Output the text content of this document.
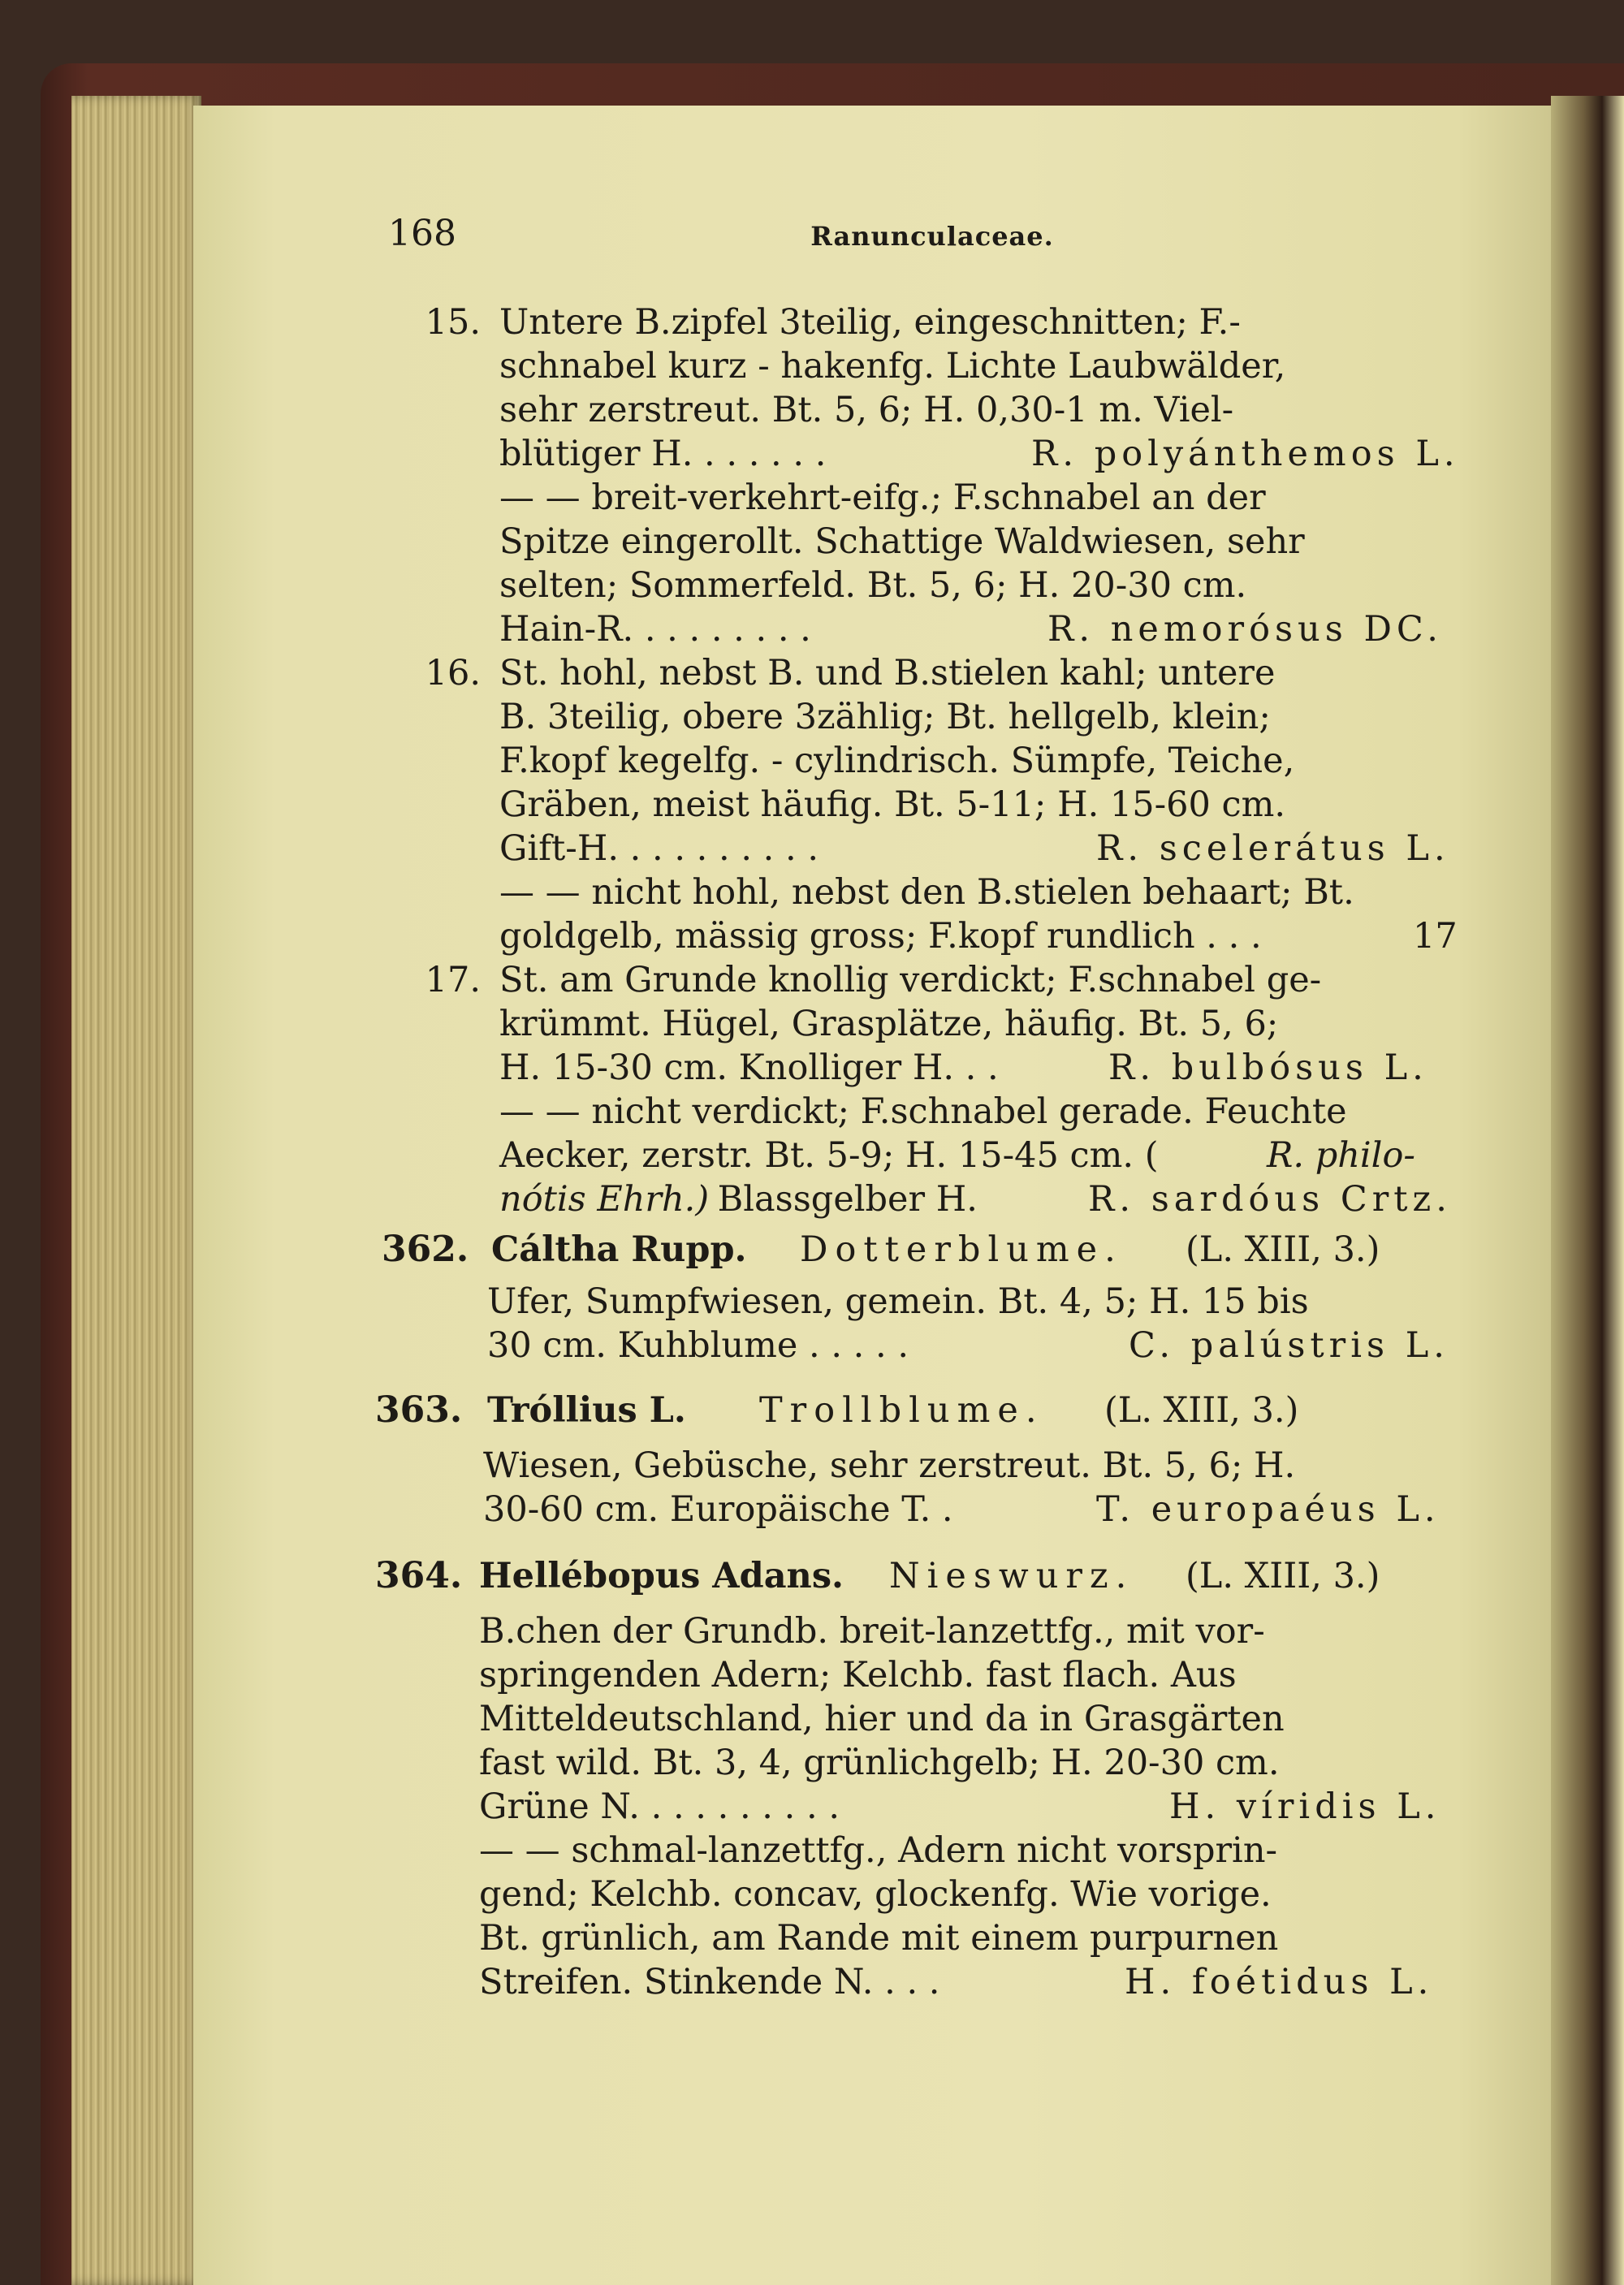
168	Ranunculaceae.
15. Untere B.zipfel 3teilig, eingeschnitten; F.-
schnabel kurz - hakenfg. Lichte Laubwälder,
sehr zerstreut. Bt. 5, 6; H. 0,30-1 m. Viel-
blütiger H. . . . . . .	R. polyánthemos L.
— — breit-verkehrt-eifg.; F.schnabel an der
Spitze eingerollt. Schattige Waldwiesen, sehr
selten; Sommerfeld. Bt. 5, 6; H. 20-30 cm.
Hain-R. . . . . . . . .	R. nemorósus DC.
16. St. hohl, nebst B. und B.stielen kahl; untere
B. 3teilig, obere 3zählig; Bt. hellgelb, klein;
F.kopf kegelfg. - cylindrisch. Sümpfe, Teiche,
Gräben, meist häufig. Bt. 5-11; H. 15-60 cm.
Gift-H. . . . . . . . . .	R. scelerátus L.
— — nicht hohl, nebst den B.stielen behaart; Bt.
goldgelb, mässig gross; F.kopf rundlich . . .	17
17. St. am Grunde knollig verdickt; F.schnabel ge-
krümmt. Hügel, Grasplätze, häufig. Bt. 5, 6;
H. 15-30 cm. Knolliger H. . .	R. bulbósus L.
— — nicht verdickt; F.schnabel gerade. Feuchte
Aecker, zerstr. Bt. 5-9; H. 15-45 cm. (	R. philo-
nótis Ehrh.)
Blassgelber H.	R. sardóus Crtz.
362. Cáltha Rupp. Dotterblume. (L. XIII, 3.)
Ufer, Sumpfwiesen, gemein. Bt. 4, 5; H. 15 bis
30 cm. Kuhblume . . . . .	C. palústris L.
363. Tróllius L. Trollblume. (L. XIII, 3.)
Wiesen, Gebüsche, sehr zerstreut. Bt. 5, 6; H.
30-60 cm. Europäische T. .	T. europaéus L.
364. Hellébорus Adans. Nieswurz. (L. XIII, 3.)
B.chen der Grundb. breit-lanzettfg., mit vor-
springenden Adern; Kelchb. fast flach. Aus
Mitteldeutschland, hier und da in Grasgärten
fast wild. Bt. 3, 4, grünlichgelb; H. 20-30 cm.
Grüne N. . . . . . . . . .	H. víridis L.
— — schmal-lanzettfg., Adern nicht vorsprin-
gend; Kelchb. concav, glockenfg. Wie vorige.
Bt. grünlich, am Rande mit einem purpurnen
Streifen. Stinkende N. . . .	H. foétidus L.
